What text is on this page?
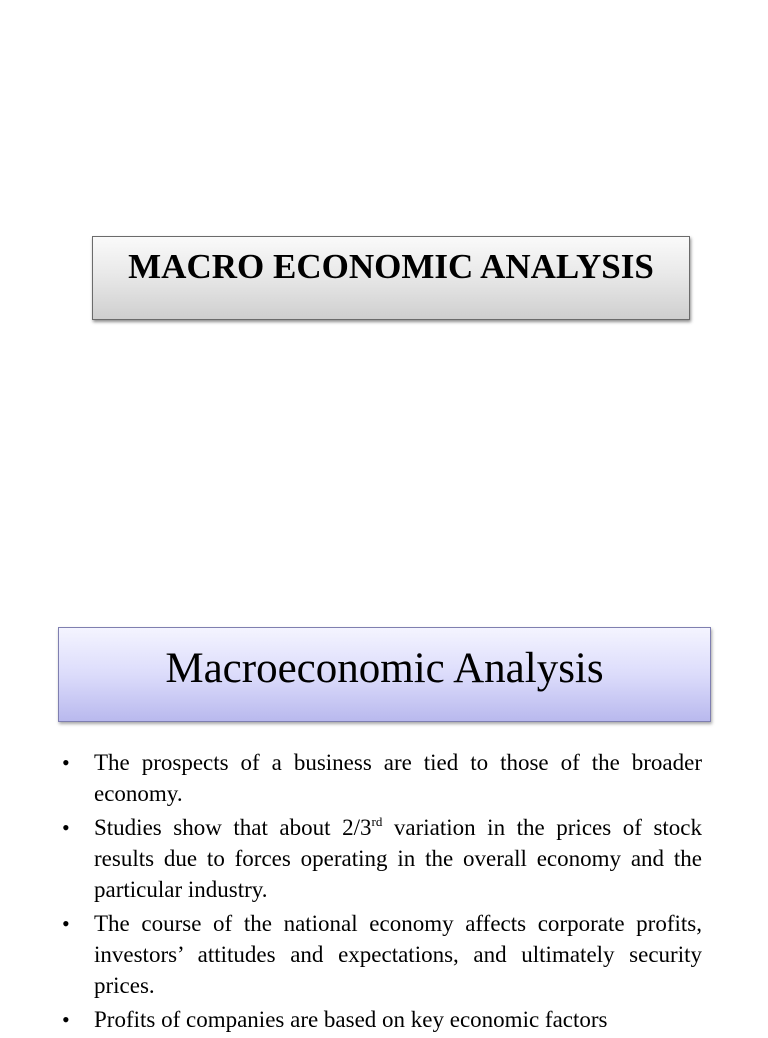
MACRO ECONOMIC ANALYSIS
Macroeconomic Analysis
• The prospects of a business are tied to those of the broader economy.
• Studies show that about 2/3rd variation in the prices of stock results due to forces operating in the overall economy and the particular industry.
• The course of the national economy affects corporate profits, investors’ attitudes and expectations, and ultimately security prices.
• Profits of companies are based on key economic factors
